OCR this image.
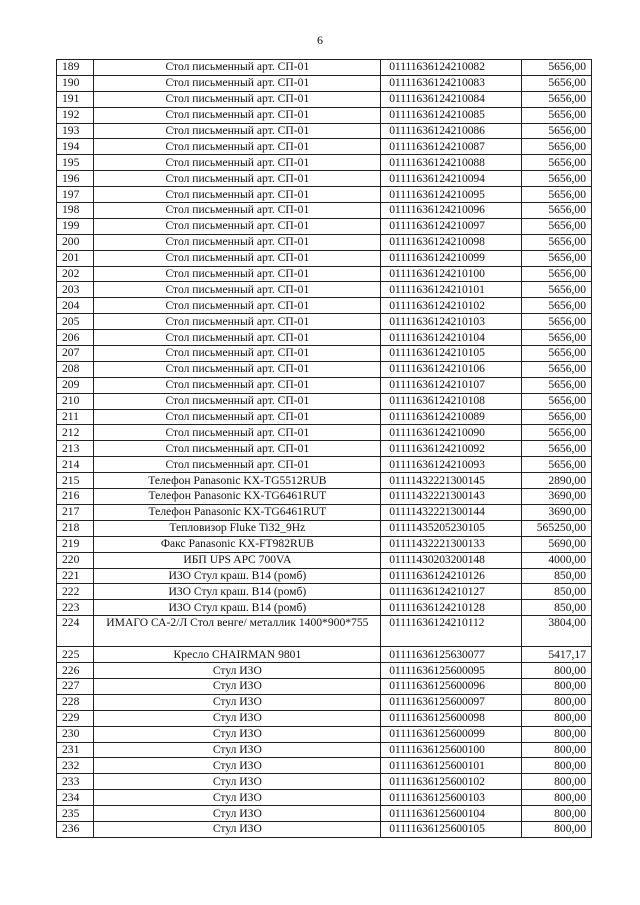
6
189	Стол письменный арт. СП-01	01111636124210082	5656,00
190	Стол письменный арт. СП-01	01111636124210083	5656,00
191	Стол письменный арт. СП-01	01111636124210084	5656,00
192	Стол письменный арт. СП-01	01111636124210085	5656,00
193	Стол письменный арт. СП-01	01111636124210086	5656,00
194	Стол письменный арт. СП-01	01111636124210087	5656,00
195	Стол письменный арт. СП-01	01111636124210088	5656,00
196	Стол письменный арт. СП-01	01111636124210094	5656,00
197	Стол письменный арт. СП-01	01111636124210095	5656,00
198	Стол письменный арт. СП-01	01111636124210096	5656,00
199	Стол письменный арт. СП-01	01111636124210097	5656,00
200	Стол письменный арт. СП-01	01111636124210098	5656,00
201	Стол письменный арт. СП-01	01111636124210099	5656,00
202	Стол письменный арт. СП-01	01111636124210100	5656,00
203	Стол письменный арт. СП-01	01111636124210101	5656,00
204	Стол письменный арт. СП-01	01111636124210102	5656,00
205	Стол письменный арт. СП-01	01111636124210103	5656,00
206	Стол письменный арт. СП-01	01111636124210104	5656,00
207	Стол письменный арт. СП-01	01111636124210105	5656,00
208	Стол письменный арт. СП-01	01111636124210106	5656,00
209	Стол письменный арт. СП-01	01111636124210107	5656,00
210	Стол письменный арт. СП-01	01111636124210108	5656,00
211	Стол письменный арт. СП-01	01111636124210089	5656,00
212	Стол письменный арт. СП-01	01111636124210090	5656,00
213	Стол письменный арт. СП-01	01111636124210092	5656,00
214	Стол письменный арт. СП-01	01111636124210093	5656,00
215	Телефон Panasonic KX-TG5512RUB	01111432221300145	2890,00
216	Телефон Panasonic KX-TG6461RUT	01111432221300143	3690,00
217	Телефон Panasonic KX-TG6461RUT	01111432221300144	3690,00
218	Тепловизор Fluke Ti32_9Hz	01111435205230105	565250,00
219	Факс Panasonic KX-FT982RUB	01111432221300133	5690,00
220	ИБП UPS APC 700VA	01111430203200148	4000,00
221	ИЗО Стул краш. В14 (ромб)	01111636124210126	850,00
222	ИЗО Стул краш. В14 (ромб)	01111636124210127	850,00
223	ИЗО Стул краш. В14 (ромб)	01111636124210128	850,00
224	ИМАГО СА-2/Л Стол венге/ металлик 1400*900*755	01111636124210112	3804,00
225	Кресло CHAIRMAN 9801	01111636125630077	5417,17
226	Стул ИЗО	01111636125600095	800,00
227	Стул ИЗО	01111636125600096	800,00
228	Стул ИЗО	01111636125600097	800,00
229	Стул ИЗО	01111636125600098	800,00
230	Стул ИЗО	01111636125600099	800,00
231	Стул ИЗО	01111636125600100	800,00
232	Стул ИЗО	01111636125600101	800,00
233	Стул ИЗО	01111636125600102	800,00
234	Стул ИЗО	01111636125600103	800,00
235	Стул ИЗО	01111636125600104	800,00
236	Стул ИЗО	01111636125600105	800,00
